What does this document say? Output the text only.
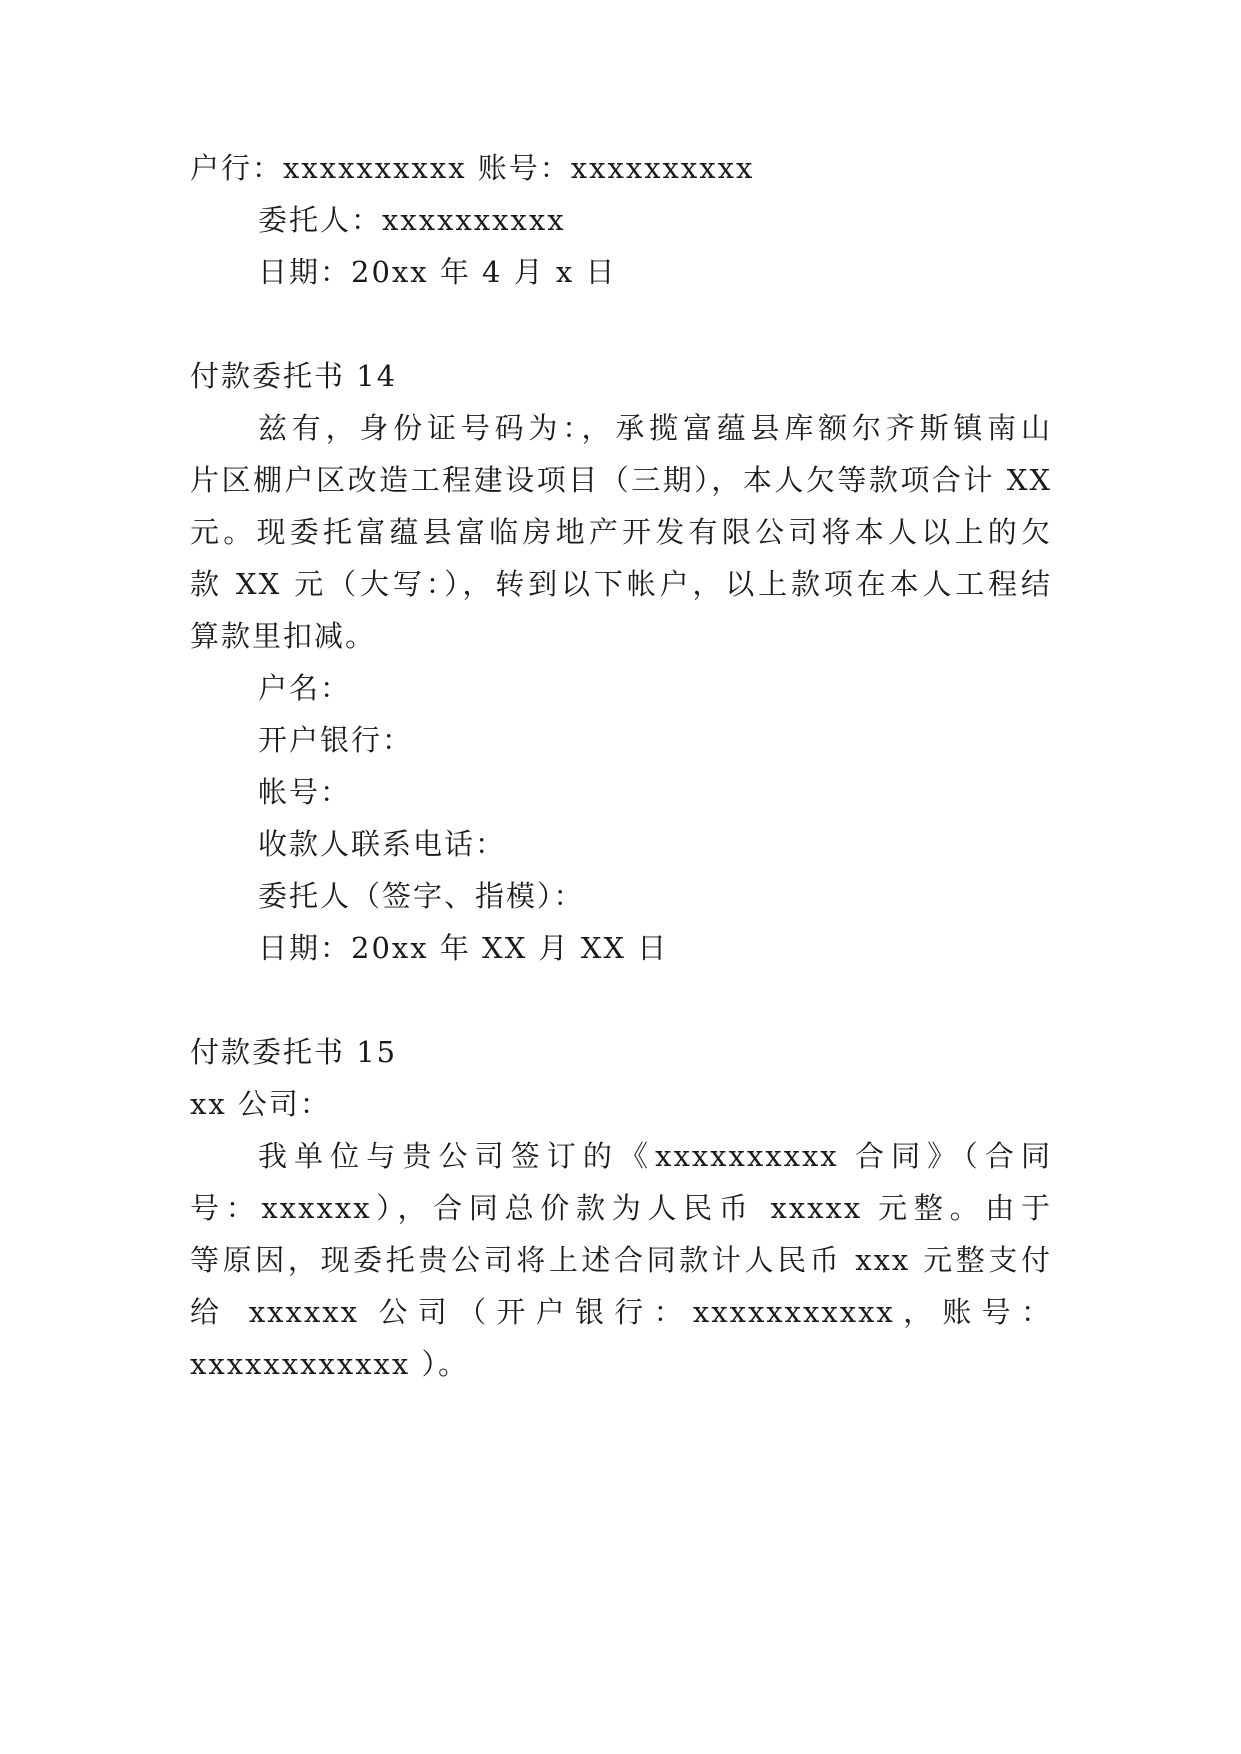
户行：xxxxxxxxxx 账号：xxxxxxxxxx
委托人：xxxxxxxxxx
日期：20xx 年 4 月 x 日
付款委托书 14
兹有，身份证号码为：，承揽富蕴县库额尔齐斯镇南山
片区棚户区改造工程建设项目（三期），本人欠等款项合计 XX
元。现委托富蕴县富临房地产开发有限公司将本人以上的欠
款 XX 元（大写：），转到以下帐户，以上款项在本人工程结
算款里扣减。
户名：
开户银行：
帐号：
收款人联系电话：
委托人（签字、指模）：
日期：20xx 年 XX 月 XX 日
付款委托书 15
xx 公司：
我单位与贵公司签订的《xxxxxxxxxx 合同》（合同
号：xxxxxx），合同总价款为人民币 xxxxx 元整。由于
等原因，现委托贵公司将上述合同款计人民币 xxx 元整支付
给 xxxxxx 公司（开户银行：xxxxxxxxxxx，账号：
xxxxxxxxxxxx ）。
